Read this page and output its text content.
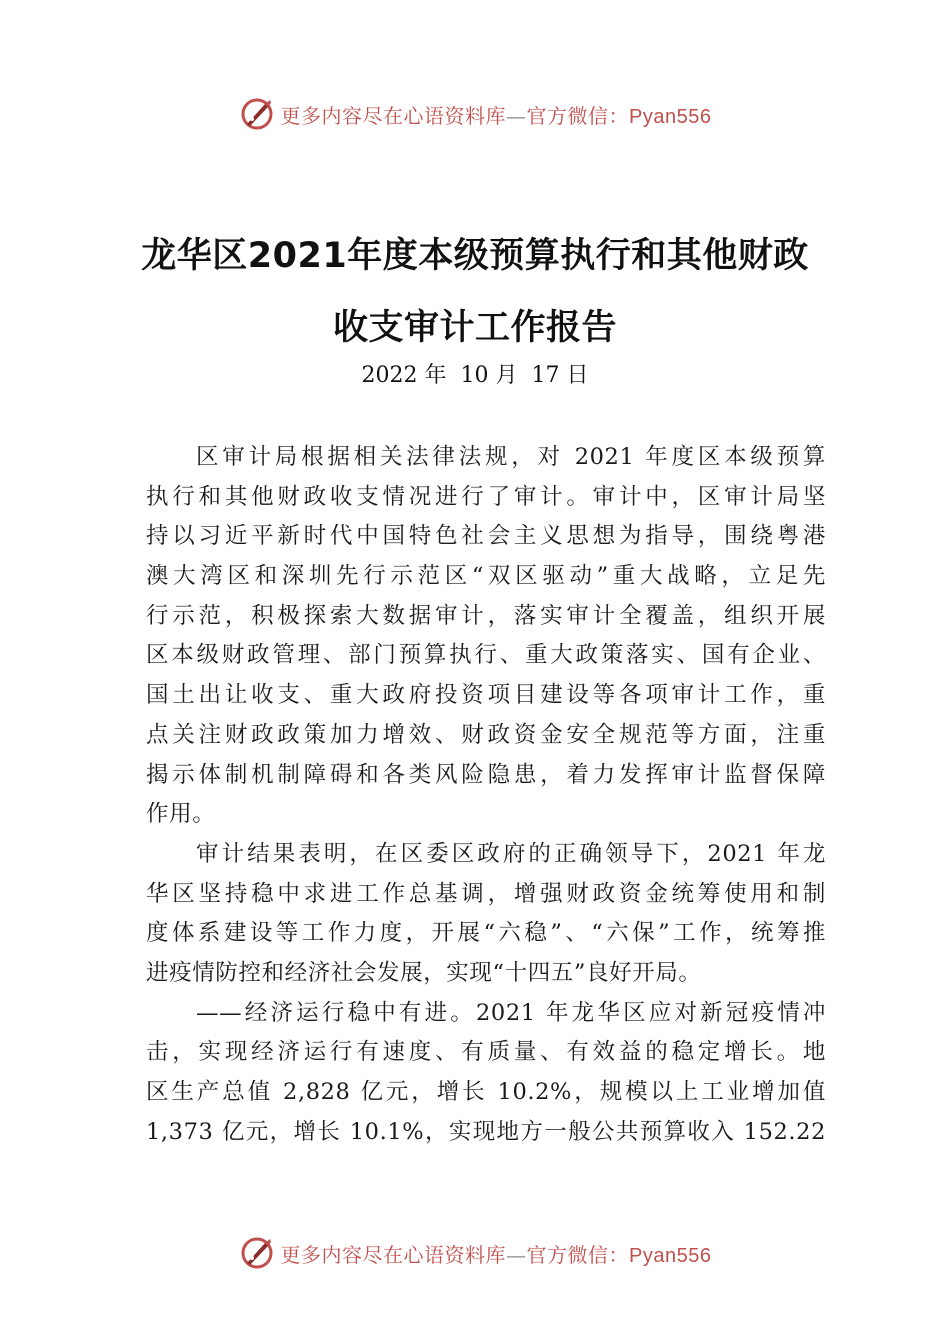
更多内容尽在心语资料库—官方微信：Pyan556
龙华区2021年度本级预算执行和其他财政
收支审计工作报告
2022 年  10 月  17 日
区审计局根据相关法律法规，对 2021 年度区本级预算
执行和其他财政收支情况进行了审计。审计中，区审计局坚
持以习近平新时代中国特色社会主义思想为指导，围绕粤港
澳大湾区和深圳先行示范区“双区驱动”重大战略，立足先
行示范，积极探索大数据审计，落实审计全覆盖，组织开展
区本级财政管理、部门预算执行、重大政策落实、国有企业、
国土出让收支、重大政府投资项目建设等各项审计工作，重
点关注财政政策加力增效、财政资金安全规范等方面，注重
揭示体制机制障碍和各类风险隐患，着力发挥审计监督保障
作用。
审计结果表明，在区委区政府的正确领导下，2021 年龙
华区坚持稳中求进工作总基调，增强财政资金统筹使用和制
度体系建设等工作力度，开展“六稳”、“六保”工作，统筹推
进疫情防控和经济社会发展，实现“十四五”良好开局。
——经济运行稳中有进。2021 年龙华区应对新冠疫情冲
击，实现经济运行有速度、有质量、有效益的稳定增长。地
区生产总值 2,828 亿元，增长 10.2%，规模以上工业增加值
1,373 亿元，增长 10.1%，实现地方一般公共预算收入 152.22
更多内容尽在心语资料库—官方微信：Pyan556
